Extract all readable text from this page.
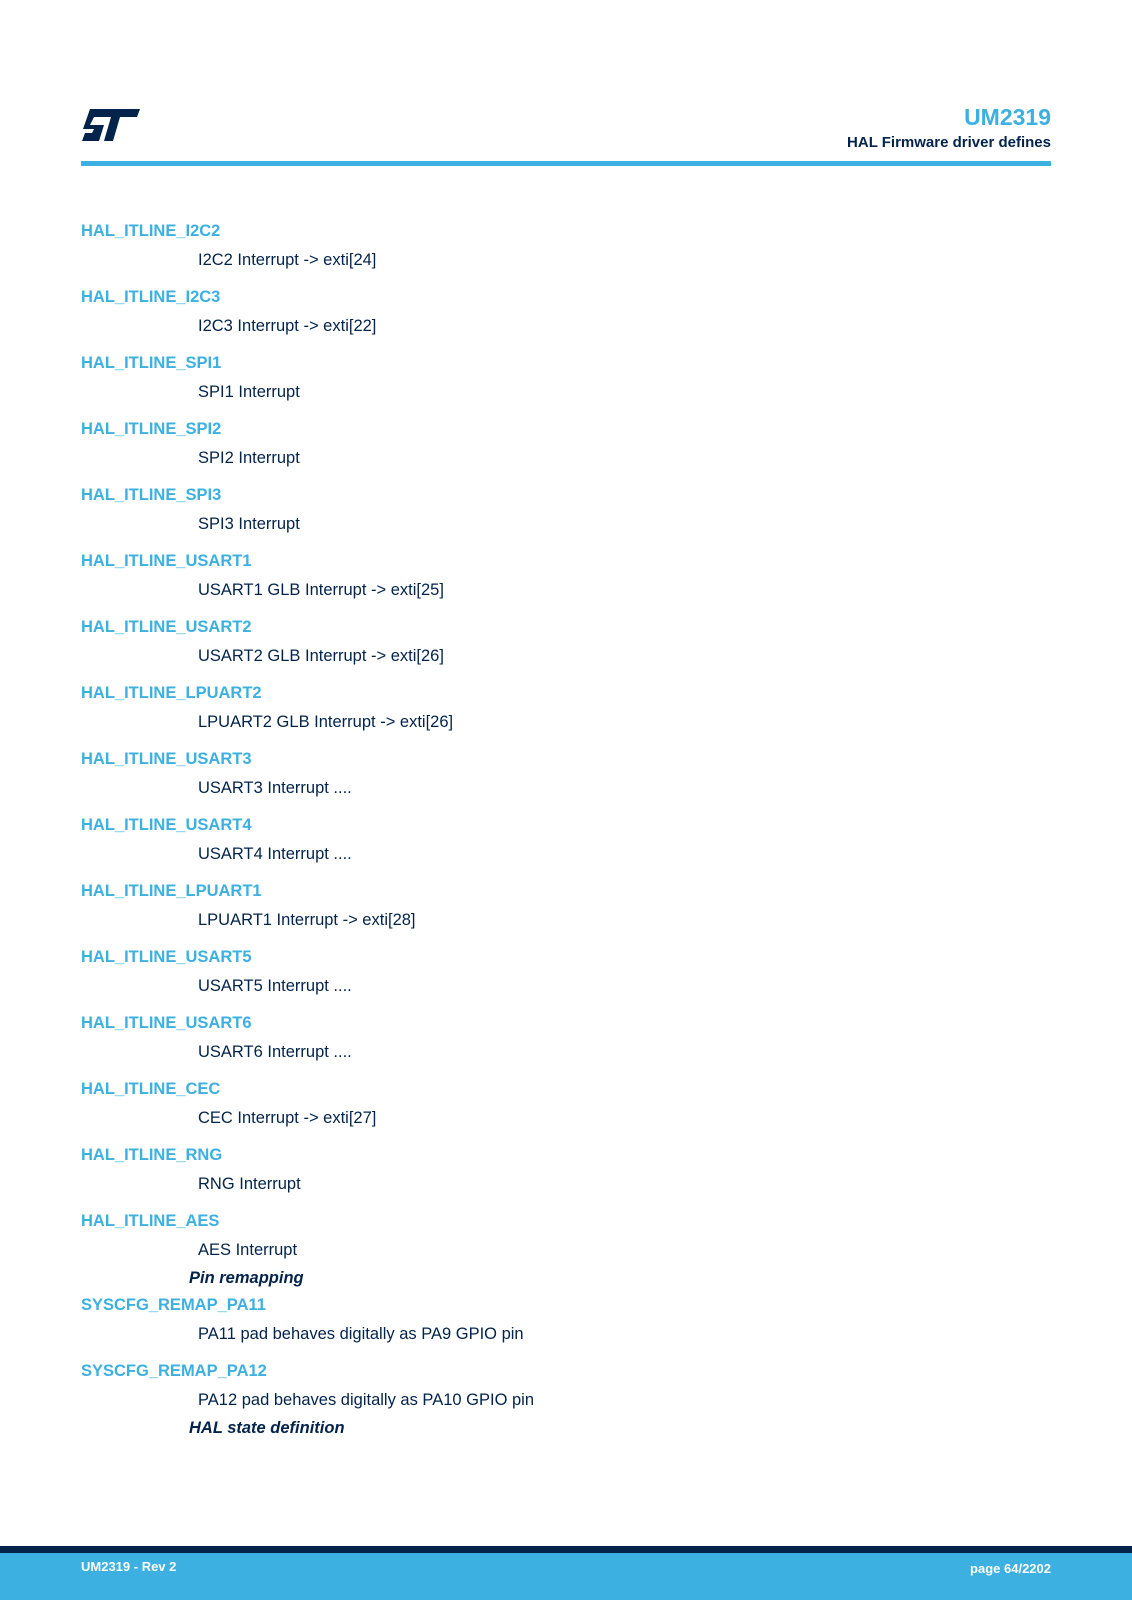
UM2319
HAL Firmware driver defines
HAL_ITLINE_I2C2
I2C2 Interrupt -> exti[24]
HAL_ITLINE_I2C3
I2C3 Interrupt -> exti[22]
HAL_ITLINE_SPI1
SPI1 Interrupt
HAL_ITLINE_SPI2
SPI2 Interrupt
HAL_ITLINE_SPI3
SPI3 Interrupt
HAL_ITLINE_USART1
USART1 GLB Interrupt -> exti[25]
HAL_ITLINE_USART2
USART2 GLB Interrupt -> exti[26]
HAL_ITLINE_LPUART2
LPUART2 GLB Interrupt -> exti[26]
HAL_ITLINE_USART3
USART3 Interrupt ....
HAL_ITLINE_USART4
USART4 Interrupt ....
HAL_ITLINE_LPUART1
LPUART1 Interrupt -> exti[28]
HAL_ITLINE_USART5
USART5 Interrupt ....
HAL_ITLINE_USART6
USART6 Interrupt ....
HAL_ITLINE_CEC
CEC Interrupt -> exti[27]
HAL_ITLINE_RNG
RNG Interrupt
HAL_ITLINE_AES
AES Interrupt
Pin remapping
SYSCFG_REMAP_PA11
PA11 pad behaves digitally as PA9 GPIO pin
SYSCFG_REMAP_PA12
PA12 pad behaves digitally as PA10 GPIO pin
HAL state definition
UM2319 - Rev 2	page 64/2202
